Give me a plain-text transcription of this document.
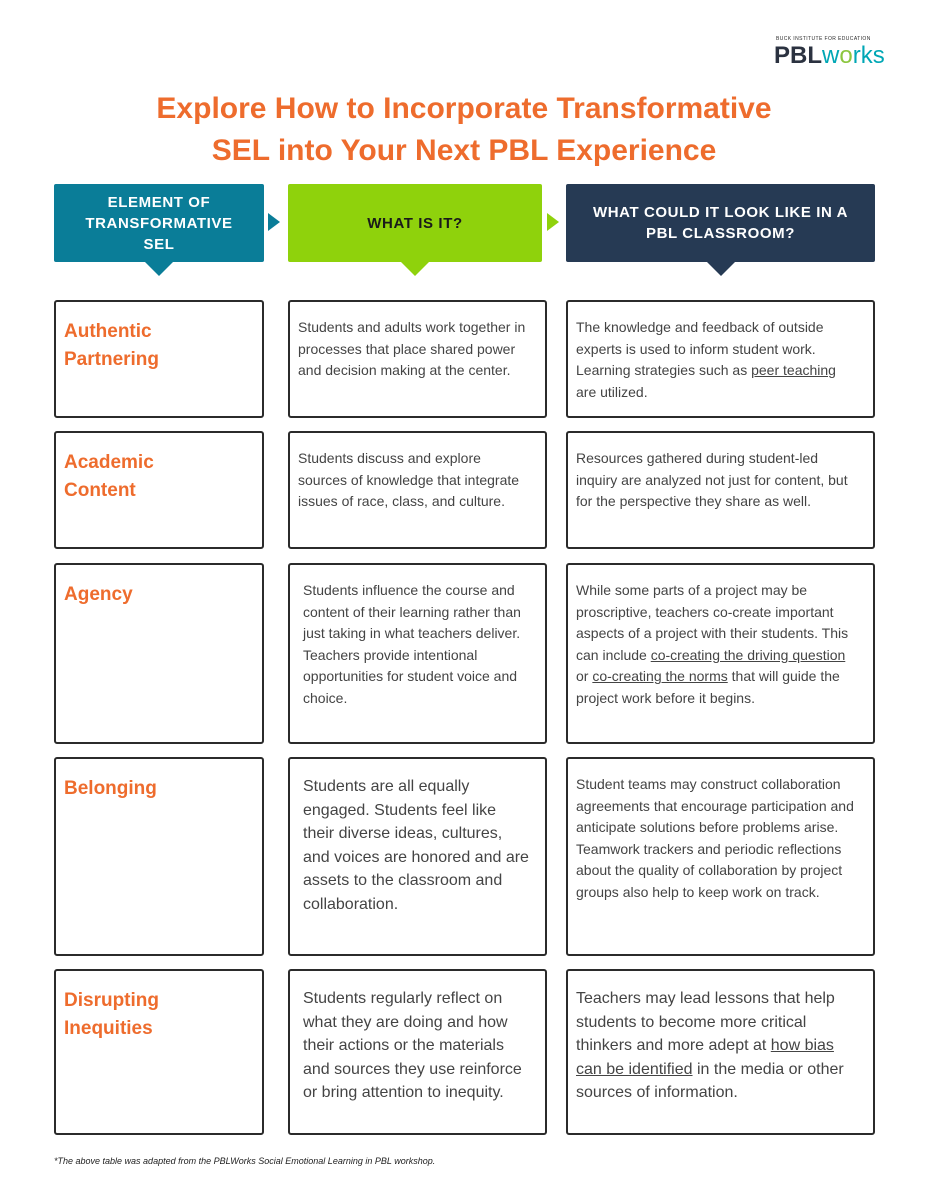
BUCK INSTITUTE FOR EDUCATION
PBLworks
Explore How to Incorporate Transformative
SEL into Your Next PBL Experience
ELEMENT OF TRANSFORMATIVE SEL
WHAT IS IT?
WHAT COULD IT LOOK LIKE IN A PBL CLASSROOM?
Authentic Partnering
Students and adults work together in processes that place shared power and decision making at the center.
The knowledge and feedback of outside experts is used to inform student work. Learning strategies such as peer teaching are utilized.
Academic Content
Students discuss and explore sources of knowledge that integrate issues of race, class, and culture.
Resources gathered during student-led inquiry are analyzed not just for content, but for the perspective they share as well.
Agency	Students influence the course and content of their learning rather than just taking in what teachers deliver. Teachers provide intentional opportunities for student voice and choice.
While some parts of a project may be proscriptive, teachers co-create important aspects of a project with their students. This can include co-creating the driving question or co-creating the norms that will guide the project work before it begins.
Belonging	Students are all equally engaged. Students feel like their diverse ideas, cultures, and voices are honored and are assets to the classroom and collaboration.
Student teams may construct collaboration agreements that encourage participation and anticipate solutions before problems arise. Teamwork trackers and periodic reflections about the quality of collaboration by project groups also help to keep work on track.
Disrupting Inequities
Students regularly reflect on what they are doing and how their actions or the materials and sources they use reinforce or bring attention to inequity.
Teachers may lead lessons that help students to become more critical thinkers and more adept at how bias can be identified in the media or other sources of information.
*The above table was adapted from the PBLWorks Social Emotional Learning in PBL workshop.
